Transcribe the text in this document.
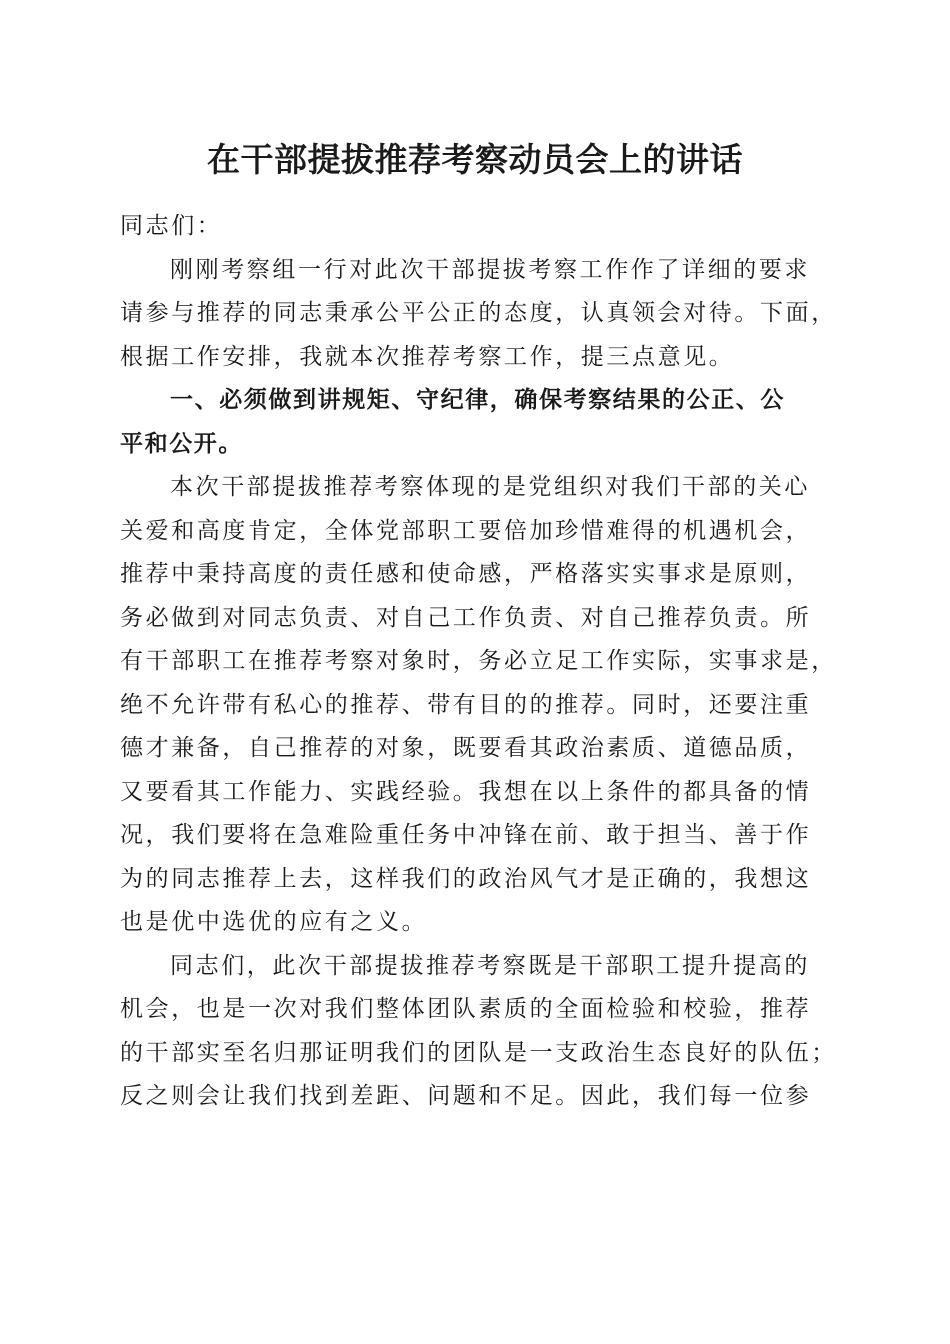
在干部提拔推荐考察动员会上的讲话
同志们：
刚刚考察组一行对此次干部提拔考察工作作了详细的要求
请参与推荐的同志秉承公平公正的态度，认真领会对待。下面，
根据工作安排，我就本次推荐考察工作，提三点意见。
一、必须做到讲规矩、守纪律，确保考察结果的公正、公
平和公开。
本次干部提拔推荐考察体现的是党组织对我们干部的关心
关爱和高度肯定，全体党部职工要倍加珍惜难得的机遇机会，
推荐中秉持高度的责任感和使命感，严格落实实事求是原则，
务必做到对同志负责、对自己工作负责、对自己推荐负责。所
有干部职工在推荐考察对象时，务必立足工作实际，实事求是，
绝不允许带有私心的推荐、带有目的的推荐。同时，还要注重
德才兼备，自己推荐的对象，既要看其政治素质、道德品质，
又要看其工作能力、实践经验。我想在以上条件的都具备的情
况，我们要将在急难险重任务中冲锋在前、敢于担当、善于作
为的同志推荐上去，这样我们的政治风气才是正确的，我想这
也是优中选优的应有之义。
同志们，此次干部提拔推荐考察既是干部职工提升提高的
机会，也是一次对我们整体团队素质的全面检验和校验，推荐
的干部实至名归那证明我们的团队是一支政治生态良好的队伍；
反之则会让我们找到差距、问题和不足。因此，我们每一位参
